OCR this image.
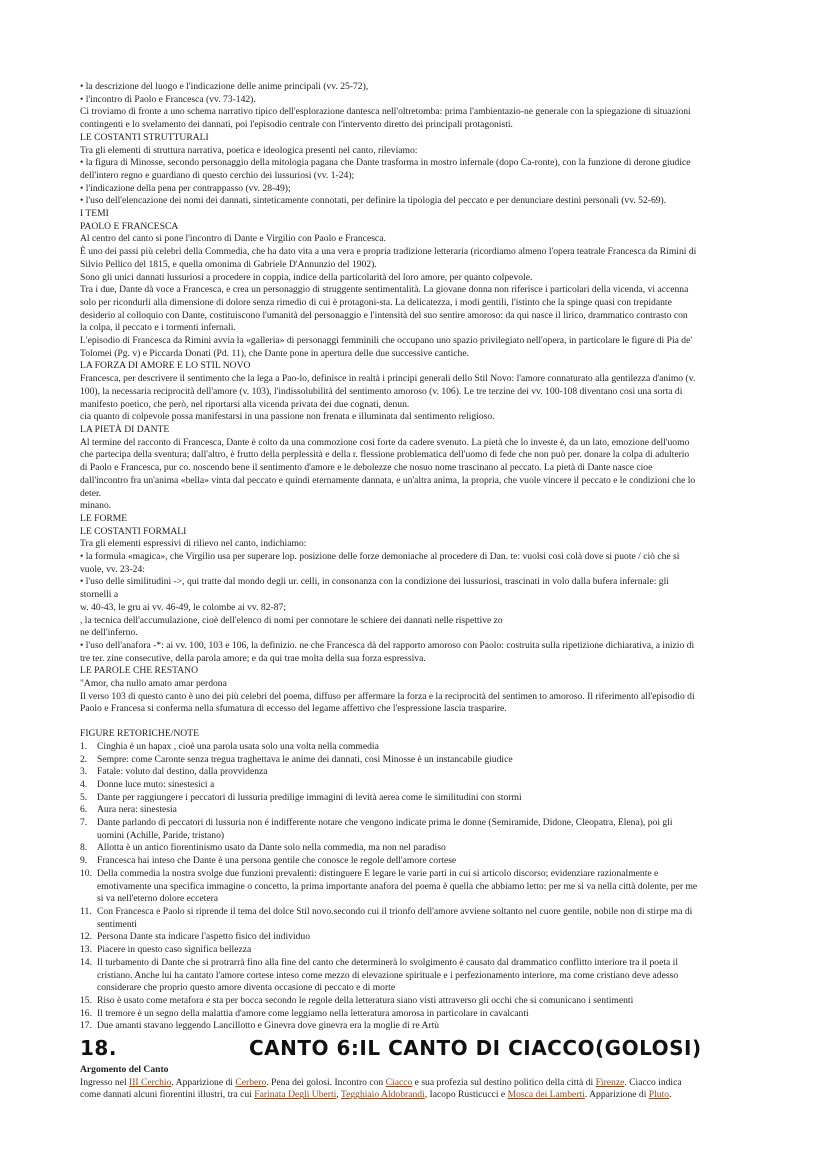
• la descrizione del luogo e l'indicazione delle anime principali (vv. 25-72),
• l'incontro di Paolo e Francesca (vv. 73-142).
Ci troviamo di fronte a uno schema narrativo tipico dell'esplorazione dantesca nell'oltretomba: prima l'ambientazio-ne generale con la spiegazione di situazioni
contingenti e lo svelamento dei dannati, poi l'episodio centrale con l'intervento diretto dei principali protagonisti.
LE COSTANTI STRUTTURALI
Tra gli elementi di struttura narrativa, poetica e ideologica presenti nel canto, rileviamo:
• la figura di Minosse, secondo personaggio della mitologia pagana che Dante trasforma in mostro infernale (dopo Ca-ronte), con la funzione di derone giudice
dell'intero regno e guardiano di questo cerchio dei lussuriosi (vv. 1-24);
• l'indicazione della pena per contrappasso (vv. 28-49);
• l'uso dell'elencazione dei nomi dei dannati, sinteticamente connotati, per definire la tipologia del peccato e per denunciare destini personali (vv. 52-69).
I TEMI
PAOLO E FRANCESCA
Al centro del canto si pone l'incontro di Dante e Virgilio con Paolo e Francesca.
È uno dei passi più celebri della Commedia, che ha dato vita a una vera e propria tradizione letteraria (ricordiamo almeno l'opera teatrale Francesca da Rimini di
Silvio Pellico del 1815, e quella omonima di Gabriele D'Annunzio del 1902).
Sono gli unici dannati lussuriosi a procedere in coppia, indice della particolarità del loro amore, per quanto colpevole.
Tra i due, Dante dà voce a Francesca, e crea un personaggio di struggente sentimentalità. La giovane donna non riferisce i particolari della vicenda, vi accenna
solo per ricondurli alla dimensione di dolore senza rimedio di cui è protagoni-sta. La delicatezza, i modi gentili, l'istinto che la spinge quasi con trepidante
desiderio al colloquio con Dante, costituiscono l'umanità del personaggio e l'intensità del suo sentire amoroso: da qui nasce il lirico, drammatico contrasto con
la colpa, il peccato e i tormenti infernali.
L'episodio di Francesca da Rimini avvia la «galleria» di personaggi femminili che occupano uno spazio privilegiato nell'opera, in particolare le figure di Pia de'
Tolomei (Pg. v) e Piccarda Donati (Pd. 11), che Dante pone in apertura delle due successive cantiche.
LA FORZA DI AMORE E LO STIL NOVO
Francesca, per descrivere il sentimento che la lega a Pao-lo, definisce in realtà i principi generali dello Stil Novo: l'amore connaturato alla gentilezza d'animo (v.
100), la necessaria reciprocità dell'amore (v. 103), l'indissolubilità del sentimento amoroso (v. 106). Le tre terzine dei vv. 100-108 diventano così una sorta di
manifesto poetico, che però, nel riportarsi alla vicenda privata dei due cognati, denun.
cia quanto di colpevole possa manifestarsi in una passione non frenata e illuminata dal sentimento religioso.
LA PIETÀ DI DANTE
Al termine del racconto di Francesca, Dante è colto da una commozione così forte da cadere svenuto. La pietà che lo investe è, da un lato, emozione dell'uomo
che partecipa della sventura; dall'altro, è frutto della perplessità e della r. flessione problematica dell'uomo di fede che non può per. donare la colpa di adulterio
di Paolo e Francesca, pur co. noscendo bene il sentimento d'amore e le debolezze che nosuo nome trascinano al peccato. La pietà di Dante nasce cioe
dall'incontro fra un'anima «bella» vinta dal peccato e quindi eternamente dannata, e un'altra anima, la propria, che vuole vincere il peccato e le condizioni che lo
deter.
minano.
LE FORME
LE COSTANTI FORMALI
Tra gli elementi espressivi di rilievo nel canto, indichiamo:
• la formula «magica», che Virgilio usa per superare lop. posizione delle forze demoniache al procedere di Dan. te: vuolsi così colà dove si puote / ciò che si
vuole, vv. 23-24:
• l'uso delle similitudini ->, qui tratte dal mondo degli ur. celli, in consonanza con la condizione dei lussuriosi, trascinati in volo dalla bufera infernale: gli
stornelli a
w. 40-43, le gru ai vv. 46-49, le colombe ai vv. 82-87;
, la tecnica dell'accumulazione, cioè dell'elenco di nomi per connotare le schiere dei dannati nelle rispettive zo
ne dell'inferno.
• l'uso dell'anafora -*: ai vv. 100, 103 e 106, la definizio. ne che Francesca dà del rapporto amoroso con Paolo: costruita sulla ripetizione dichiarativa, a inizio di
tre ter. zine consecutive, della parola amore; e da qui trae molta della sua forza espressiva.
LE PAROLE CHE RESTANO
"Amor, cha nullo amato amar perdona
Il verso 103 di questo canto è uno dei più celebri del poema, diffuso per affermare la forza e la reciprocità del sentimen to amoroso. Il riferimento all'episodio di
Paolo e Francesa si conferma nella sfumatura di eccesso del legame affettivo che l'espressione lascia trasparire.

FIGURE RETORICHE/NOTE

1. Cinghia è un hapax , cioè una parola usata solo una volta nella commedia
2. Sempre: come Caronte senza tregua traghettava le anime dei dannati, così Minosse è un instancabile giudice
3. Fatale: voluto dal destino, dalla provvidenza
4. Donne luce muto: sinestesici a
5. Dante per raggiungere i peccatori di lussuria predilige immagini di levità aerea come le similitudini con stormi
6. Aura nera: sinestesia
7. Dante parlando di peccatori di lussuria non é indifferente notare che vengono indicate prima le donne (Semiramide, Didone, Cleopatra, Elena), poi gli
uomini (Achille, Paride, tristano)
8. Allotta è un antico fiorentinismo usato da Dante solo nella commedia, ma non nel paradiso
9. Francesca hai inteso che Dante è una persona gentile che conosce le regole dell'amore cortese
10. Della commedia la nostra svolge due funzioni prevalenti: distinguere E legare le varie parti in cui si articolo discorso; evidenziare razionalmente e
emotivamente una specifica immagine o concetto, la prima importante anafora del poema è quella che abbiamo letto: per me si va nella città dolente, per me
si va nell'eterno dolore eccetera
11. Con Francesca e Paolo si riprende il tema del dolce Stil novo.secondo cui il trionfo dell'amore avviene soltanto nel cuore gentile, nobile non di stirpe ma di
sentimenti
12. Persona Dante sta indicare l'aspetto fisico del individuo
13. Piacere in questo caso significa bellezza
14. Il turbamento di Dante che si protrarrà fino alla fine del canto che determinerà lo svolgimento è causato dal drammatico conflitto interiore tra il poeta il
cristiano. Anche lui ha cantato l'amore cortese inteso come mezzo di elevazione spirituale e i perfezionamento interiore, ma come cristiano deve adesso
considerare che proprio questo amore diventa occasione di peccato e di morte
15. Riso è usato come metafora e sta per bocca secondo le regole della letteratura siano visti attraverso gli occhi che si comunicano i sentimenti
16. Il tremore è un segno della malattia d'amore come leggiamo nella letteratura amorosa in particolare in cavalcanti
17. Due amanti stavano leggendo Lancillotto e Ginevra dove ginevra era la moglie di re Artù
18.	CANTO 6:IL CANTO DI CIACCO(GOLOSI)

Argomento del Canto

Ingresso nel III Cerchio. Apparizione di Cerbero. Pena dei golosi. Incontro con Ciacco e sua profezia sul destino politico della città di Firenze. Ciacco indica
come dannati alcuni fiorentini illustri, tra cui Farinata Degli Uberti, Tegghiaio Aldobrandi, Iacopo Rusticucci e Mosca dei Lamberti. Apparizione di Pluto.
